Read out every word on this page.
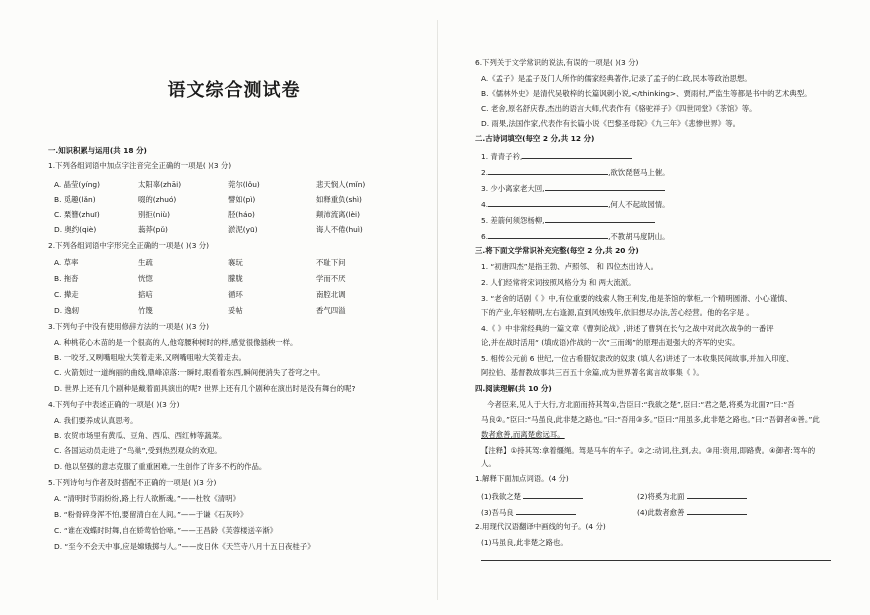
语文综合测试卷
一.知识积累与运用(共 18 分)
1.下列各组词语中加点字注音完全正确的一项是( )(3 分)
A. 晶莹(yíng)	太阳辜(zhāi)	莞尔(lǒu)	悲天悯人(mǐn)
B. 觅趣(lǎn)	啜的(zhuó)	譬如(pì)	如释重负(shì)
C. 栗簪(zhuī)	别拒(niù)	胫(háo)	颠沛流离(lèi)
D. 奥约(qiè)	蓊莽(pǔ)	淤泥(yū)	诲人不倦(huì)
2.下列各组词语中字形完全正确的一项是( )(3 分)
A. 草率	生疏	褰玩	不耻下问
B. 拖沓	恍惚	朦胧	学而不厌
C. 撵走	掂唁	循环	南腔北调
D. 逸轫	竹篾	妥帖	香气四溢
3.下列句子中没有使用修辞方法的一项是( )(3 分)
A. 种桃花心木苗的是一个很高的人,他弯腰种树时的样,感觉很像插秧一样。
B. 一咬牙,又咧嘴咀啦大笑着走来,又咧嘴咀啦大笑着走去。
C. 火箭划过一道绚丽的曲线,鼎峰凉落:一瞬时,眼看着东西,瞬间便消失了苍穹之中。
D. 世界上还有几个剧种是戴着面具演出的呢? 世界上还有几个剧种在演出时是没有舞台的呢?
4.下列句子中表述正确的一项是( )(3 分)
A. 我们要养成认真思考。
B. 农贸市场里有黄瓜、豆角、西瓜、西红柿等蔬菜。
C. 各国运动员走进了“鸟巢”,受到热烈观众的欢迎。
D. 他以坚强的意志克服了重重困难,一生创作了许多不朽的作品。
5.下列诗句与作者及时搭配不正确的一项是( )(3 分)
A. “清明时节雨纷纷,路上行人欲断魂。”——杜牧《清明》
B. “粉骨碎身浑不怕,要留清白在人间。”——于谦《石灰吟》
C. “谁在戏蝶时时舞,自在娇莺恰恰啼。”——王昌龄《芙蓉楼送辛渐》
D. “至今不会天中事,应是嫦娥掷与人。”——皮日休《天竺寺八月十五日夜桂子》
6.下列关于文学常识的说法,有误的一项是( )(3 分)
A.《孟子》是孟子及门人所作的儒家经典著作,记录了孟子的仁政,民本等政治思想。
B.《儒林外史》是清代吴敬梓的长篇讽刺小说,</thinking>、贾雨村,严监生等都是书中的艺术典型。
C. 老舍,原名舒庆春,杰出的语言大师,代表作有《骆驼祥子》《四世同堂》《茶馆》等。
D. 雨果,法国作家,代表作有长篇小说《巴黎圣母院》《九三年》《悲惨世界》等。
二.古诗词填空(每空 2 分,共 12 分)
1. 青青子衿,
2.	,欲饮琵琶马上催。
3. 少小离家老大回,
4.	,何人不起故园情。
5. 差箭何须怨杨柳,
6.	,不教胡马度阴山。
三.将下面文学常识补充完整(每空 2 分,共 20 分)
1. “初唐四杰”是指王勃、卢照邻、 和 四位杰出诗人。
2. 人们经常将宋词按照风格分为 和 两大流派。
3. “老舍的话剧《 》中,有位重要的线索人物王利发,他是茶馆的掌柜,一个精明圆滑、小心谨慎、
下的产业,年轻精明,左右逢源,直到风烛残年,依旧想尽办法,苦心经营。他的名字是 。
4.《 》中非常经典的一篇文章《曹刿论战》,讲述了曹刿在长勺之战中对此次战争的一番评
论,并在战时活用“ (填成语)作战的一次“三而竭”的原理击退强大的齐军的史实。
5. 相传公元前 6 世纪,一位古希腊奴隶改的奴隶 (填人名)讲述了一本收集民间故事,并加入印度、
阿拉伯、基督教故事共三百五十余篇,成为世界著名寓言故事集《 》。
四.阅读理解(共 10 分)
今者臣来,见人于大行,方北面而持其驾①,告臣曰:“我欲之楚”,臣曰:“君之楚,将奚为北面?”曰:“吾
马良②。”臣曰:“马虽良,此非楚之路也。”曰:“吾用③多。”臣曰:“用虽多,此非楚之路也。”曰:“吾御者④善。”此
数者愈善,而离楚愈远耳。
【注释】①持其驾:拿着缰绳。驾是马车的车子。②之:动词,往,到,去。③用:资用,即路费。④御者:驾车的
人。
1.解释下面加点词语。(4 分)
(1)我欲之楚	(2)将奚为北面
(3)吾马良	(4)此数者愈善
2.用现代汉语翻译中画线的句子。(4 分)
(1)马虽良,此非楚之路也。
